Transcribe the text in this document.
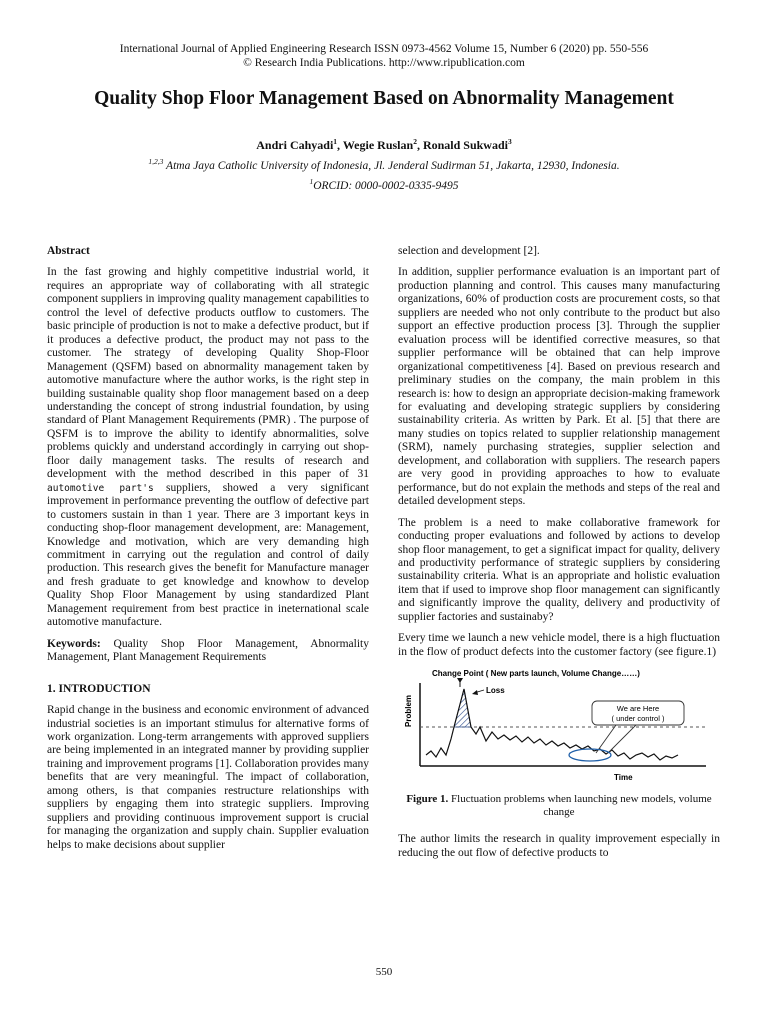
International Journal of Applied Engineering Research ISSN 0973-4562 Volume 15, Number 6 (2020) pp. 550-556
© Research India Publications. http://www.ripublication.com
Quality Shop Floor Management Based on Abnormality Management
Andri Cahyadi$^1$, Wegie Ruslan$^2$, Ronald Sukwadi$^3$
$^{1,2,3}$ Atma Jaya Catholic University of Indonesia, Jl. Jenderal Sudirman 51, Jakarta, 12930, Indonesia.
$^1$ORCID: 0000-0002-0335-9495
Abstract

In the fast growing and highly competitive industrial world, it requires an appropriate way of collaborating with all strategic component suppliers in improving quality management capabilities to control the level of defective products outflow to customers. The basic principle of production is not to make a defective product, but if it produces a defective product, the product may not pass to the customer. The strategy of developing Quality Shop-Floor Management (QSFM) based on abnormality management taken by automotive manufacture where the author works, is the right step in building sustainable quality shop floor management based on a deep understanding the concept of strong industrial foundation, by using standard of Plant Management Requirements (PMR) . The purpose of QSFM is to improve the ability to identify abnormalities, solve problems quickly and understand accordingly in carrying out shop-floor daily management tasks. The results of research and development with the method described in this paper of 31 automotive part's suppliers, showed a very significant improvement in performance preventing the outflow of defective part to customers sustain in than 1 year. There are 3 important keys in conducting shop-floor management development, are: Management, Knowledge and motivation, which are very demanding high commitment in carrying out the regulation and control of daily production. This research gives the benefit for Manufacture manager and fresh graduate to get knowledge and knowhow to develop Quality Shop Floor Management by using standardized Plant Management requirement from best practice in ineternational scale automotive manufacture.

Keywords: Quality Shop Floor Management, Abnormality Management, Plant Management Requirements

1. INTRODUCTION

Rapid change in the business and economic environment of advanced industrial societies is an important stimulus for alternative forms of work organization. Long-term arrangements with approved suppliers are being implemented in an integrated manner by providing supplier training and improvement programs [1]. Collaboration provides many benefits that are very meaningful. The impact of collaboration, among others, is that companies restructure relationships with suppliers by engaging them into strategic suppliers. Improving suppliers and providing continuous improvement support is crucial for managing the organization and supply chain. Supplier evaluation helps to make decisions about supplier

selection and development [2].

In addition, supplier performance evaluation is an important part of production planning and control. This causes many manufacturing organizations, 60% of production costs are procurement costs, so that suppliers are needed who not only contribute to the product but also support an effective production process [3]. Through the supplier evaluation process will be identified corrective measures, so that supplier performance will be obtained that can help improve organizational competitiveness [4]. Based on previous research and preliminary studies on the company, the main problem in this research is: how to design an appropriate decision-making framework for evaluating and developing strategic suppliers by considering sustainability criteria. As written by Park. Et al. [5] that there are many studies on topics related to supplier relationship management (SRM), namely purchasing strategies, supplier selection and development, and collaboration with suppliers. The research papers are very good in providing approaches to how to evaluate performance, but do not explain the methods and steps of the real and detailed development steps.

The problem is a need to make collaborative framework for conducting proper evaluations and followed by actions to develop shop floor management, to get a significat impact for quality, delivery and productivity performance of strategic suppliers by considering sustainability criteria. What is an appropriate and holistic evaluation item that if used to improve shop floor management can significantly and significantly improve the quality, delivery and productivity of supplier factories and sustainaby?

Every time we launch a new vehicle model, there is a high fluctuation in the flow of product defects into the customer factory (see figure.1)

Change Point ( New parts launch, Volume Change……)
Problem
Time
Loss
We are Here
( under control )
Figure 1. Fluctuation problems when launching new models, volume change

The author limits the research in quality improvement especially in reducing the out flow of defective products to

550
